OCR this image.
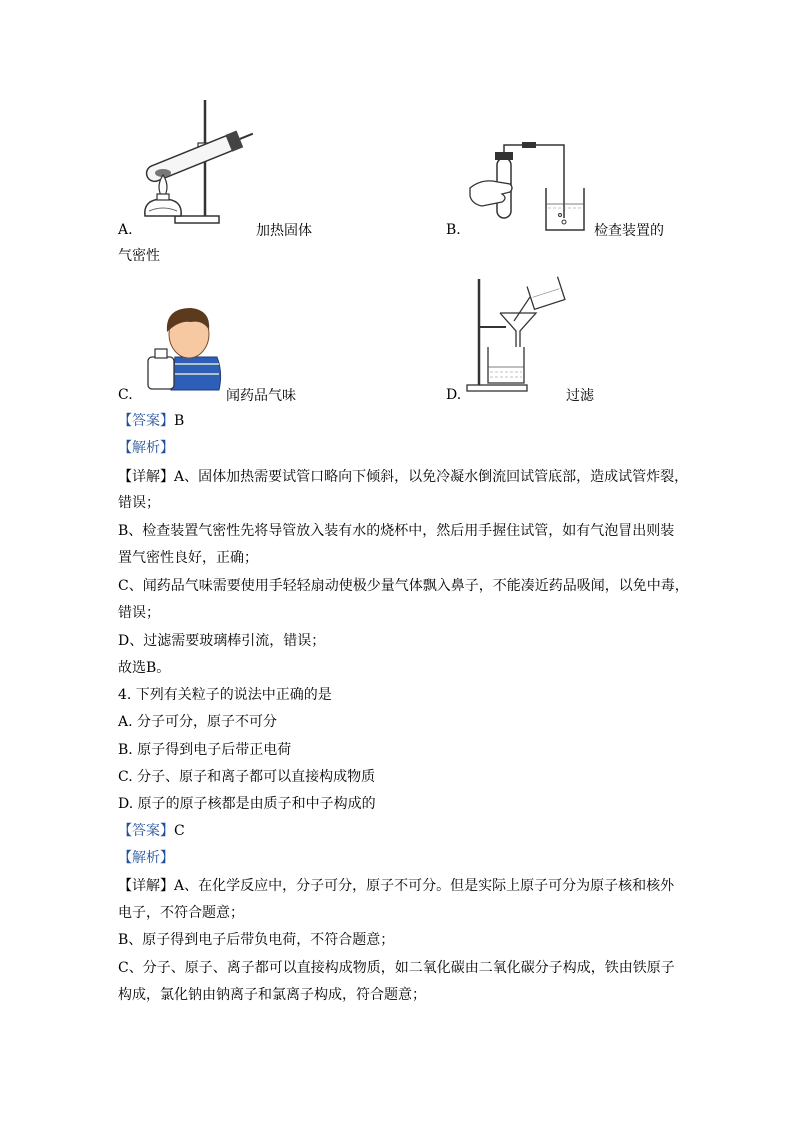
A.	加热固体	B.	检查装置的
气密性
C.	闻药品气味	D.	过滤
【答案】B
【解析】
【详解】A、固体加热需要试管口略向下倾斜，以免冷凝水倒流回试管底部，造成试管炸裂，
错误；
B、检查装置气密性先将导管放入装有水的烧杯中，然后用手握住试管，如有气泡冒出则装
置气密性良好，正确；
C、闻药品气味需要使用手轻轻扇动使极少量气体飘入鼻子，不能凑近药品吸闻，以免中毒，
错误；
D、过滤需要玻璃棒引流，错误；
故选B。
4. 下列有关粒子的说法中正确的是
A. 分子可分，原子不可分
B. 原子得到电子后带正电荷
C. 分子、原子和离子都可以直接构成物质
D. 原子的原子核都是由质子和中子构成的
【答案】C
【解析】
【详解】A、在化学反应中，分子可分，原子不可分。但是实际上原子可分为原子核和核外
电子，不符合题意；
B、原子得到电子后带负电荷，不符合题意；
C、分子、原子、离子都可以直接构成物质，如二氧化碳由二氧化碳分子构成，铁由铁原子
构成，氯化钠由钠离子和氯离子构成，符合题意；
